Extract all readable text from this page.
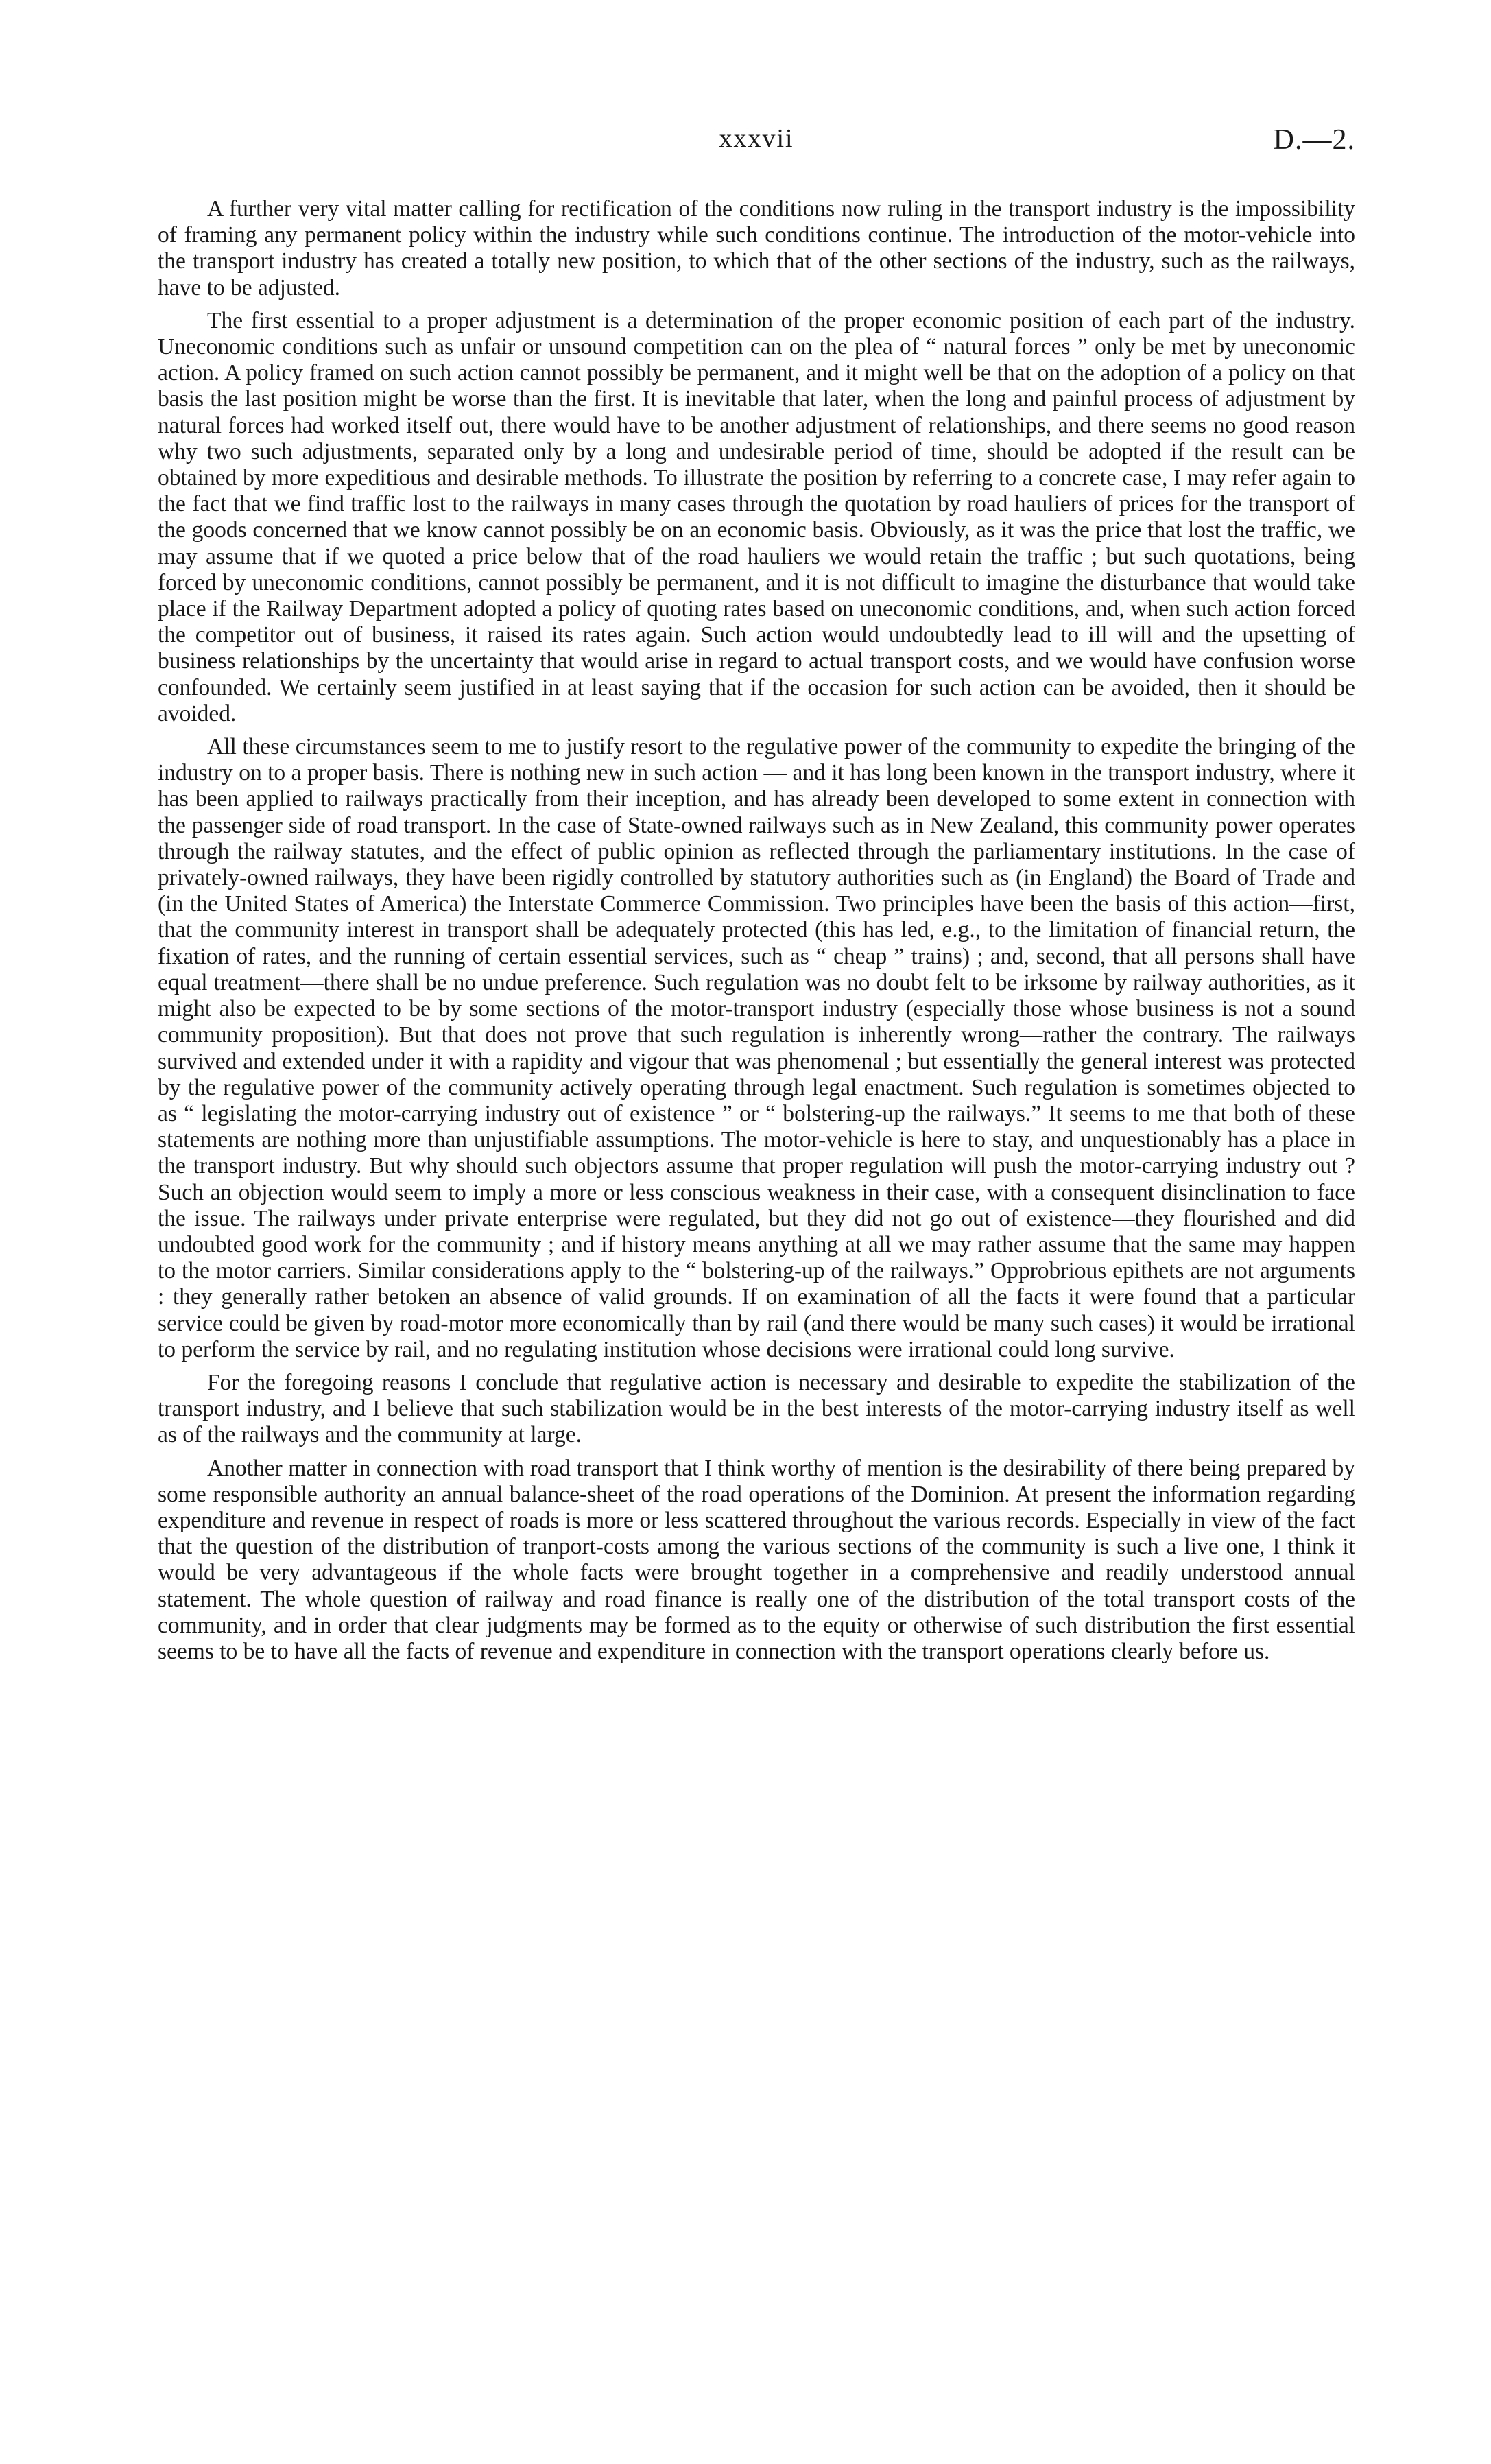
xxxvii	D.—2.

A further very vital matter calling for rectification of the conditions now ruling in the transport industry is the impossibility of framing any permanent policy within the industry while such conditions continue. The introduction of the motor-vehicle into the transport industry has created a totally new position, to which that of the other sections of the industry, such as the railways, have to be adjusted.

The first essential to a proper adjustment is a determination of the proper economic position of each part of the industry. Uneconomic conditions such as unfair or unsound competition can on the plea of “ natural forces ” only be met by uneconomic action. A policy framed on such action cannot possibly be permanent, and it might well be that on the adoption of a policy on that basis the last position might be worse than the first. It is inevitable that later, when the long and painful process of adjustment by natural forces had worked itself out, there would have to be another adjustment of relationships, and there seems no good reason why two such adjustments, separated only by a long and undesirable period of time, should be adopted if the result can be obtained by more expeditious and desirable methods. To illustrate the position by referring to a concrete case, I may refer again to the fact that we find traffic lost to the railways in many cases through the quotation by road hauliers of prices for the transport of the goods concerned that we know cannot possibly be on an economic basis. Obviously, as it was the price that lost the traffic, we may assume that if we quoted a price below that of the road hauliers we would retain the traffic ; but such quotations, being forced by uneconomic conditions, cannot possibly be permanent, and it is not difficult to imagine the disturbance that would take place if the Railway Department adopted a policy of quoting rates based on uneconomic conditions, and, when such action forced the competitor out of business, it raised its rates again. Such action would undoubtedly lead to ill will and the upsetting of business relationships by the uncertainty that would arise in regard to actual transport costs, and we would have confusion worse confounded. We certainly seem justified in at least saying that if the occasion for such action can be avoided, then it should be avoided.

All these circumstances seem to me to justify resort to the regulative power of the community to expedite the bringing of the industry on to a proper basis. There is nothing new in such action — and it has long been known in the transport industry, where it has been applied to railways practically from their inception, and has already been developed to some extent in connection with the passenger side of road transport. In the case of State-owned railways such as in New Zealand, this community power operates through the railway statutes, and the effect of public opinion as reflected through the parliamentary institutions. In the case of privately-owned railways, they have been rigidly controlled by statutory authorities such as (in England) the Board of Trade and (in the United States of America) the Interstate Commerce Commission. Two principles have been the basis of this action—first, that the community interest in transport shall be adequately protected (this has led, e.g., to the limitation of financial return, the fixation of rates, and the running of certain essential services, such as “ cheap ” trains) ; and, second, that all persons shall have equal treatment—there shall be no undue preference. Such regulation was no doubt felt to be irksome by railway authorities, as it might also be expected to be by some sections of the motor-transport industry (especially those whose business is not a sound community proposition). But that does not prove that such regulation is inherently wrong—rather the contrary. The railways survived and extended under it with a rapidity and vigour that was phenomenal ; but essentially the general interest was protected by the regulative power of the community actively operating through legal enactment. Such regulation is sometimes objected to as “ legislating the motor-carrying industry out of existence ” or “ bolstering-up the railways.” It seems to me that both of these statements are nothing more than unjustifiable assumptions. The motor-vehicle is here to stay, and unquestionably has a place in the transport industry. But why should such objectors assume that proper regulation will push the motor-carrying industry out ? Such an objection would seem to imply a more or less conscious weakness in their case, with a consequent disinclination to face the issue. The railways under private enterprise were regulated, but they did not go out of existence—they flourished and did undoubted good work for the community ; and if history means anything at all we may rather assume that the same may happen to the motor carriers. Similar considerations apply to the “ bolstering-up of the railways.” Opprobrious epithets are not arguments : they generally rather betoken an absence of valid grounds. If on examination of all the facts it were found that a particular service could be given by road-motor more economically than by rail (and there would be many such cases) it would be irrational to perform the service by rail, and no regulating institution whose decisions were irrational could long survive.

For the foregoing reasons I conclude that regulative action is necessary and desirable to expedite the stabilization of the transport industry, and I believe that such stabilization would be in the best interests of the motor-carrying industry itself as well as of the railways and the community at large.

Another matter in connection with road transport that I think worthy of mention is the desirability of there being prepared by some responsible authority an annual balance-sheet of the road operations of the Dominion. At present the information regarding expenditure and revenue in respect of roads is more or less scattered throughout the various records. Especially in view of the fact that the question of the distribution of tranport-costs among the various sections of the community is such a live one, I think it would be very advantageous if the whole facts were brought together in a comprehensive and readily understood annual statement. The whole question of railway and road finance is really one of the distribution of the total transport costs of the community, and in order that clear judgments may be formed as to the equity or otherwise of such distribution the first essential seems to be to have all the facts of revenue and expenditure in connection with the transport operations clearly before us.
